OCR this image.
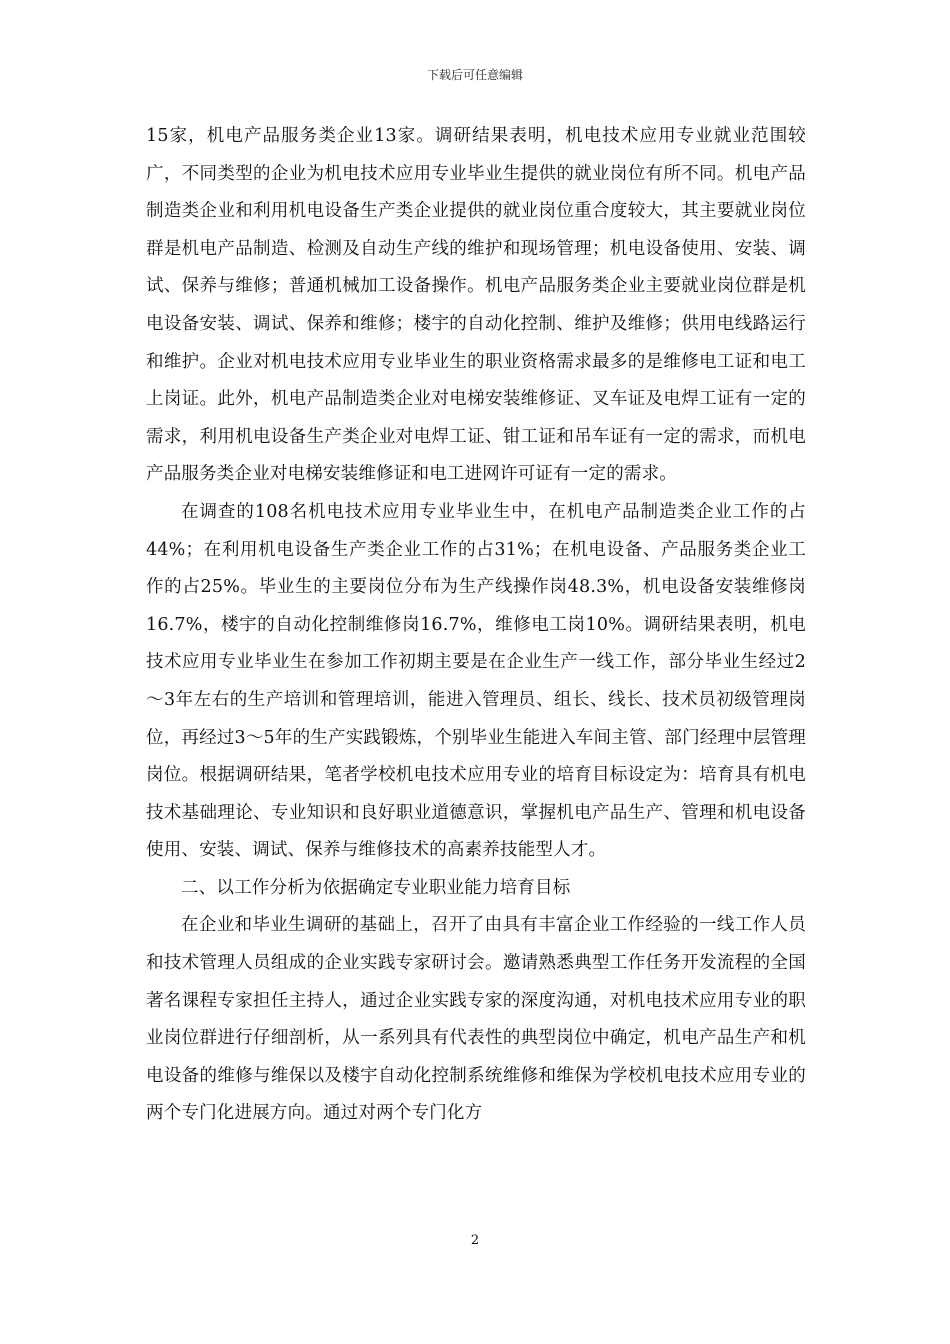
下载后可任意编辑

15家，机电产品服务类企业13家。调研结果表明，机电技术应用专业就业范围较广，不同类型的企业为机电技术应用专业毕业生提供的就业岗位有所不同。机电产品制造类企业和利用机电设备生产类企业提供的就业岗位重合度较大，其主要就业岗位群是机电产品制造、检测及自动生产线的维护和现场管理；机电设备使用、安装、调试、保养与维修；普通机械加工设备操作。机电产品服务类企业主要就业岗位群是机电设备安装、调试、保养和维修；楼宇的自动化控制、维护及维修；供用电线路运行和维护。企业对机电技术应用专业毕业生的职业资格需求最多的是维修电工证和电工上岗证。此外，机电产品制造类企业对电梯安装维修证、叉车证及电焊工证有一定的需求，利用机电设备生产类企业对电焊工证、钳工证和吊车证有一定的需求，而机电产品服务类企业对电梯安装维修证和电工进网许可证有一定的需求。

在调查的108名机电技术应用专业毕业生中，在机电产品制造类企业工作的占44%；在利用机电设备生产类企业工作的占31%；在机电设备、产品服务类企业工作的占25%。毕业生的主要岗位分布为生产线操作岗48.3%，机电设备安装维修岗16.7%，楼宇的自动化控制维修岗16.7%，维修电工岗10%。调研结果表明，机电技术应用专业毕业生在参加工作初期主要是在企业生产一线工作，部分毕业生经过2～3年左右的生产培训和管理培训，能进入管理员、组长、线长、技术员初级管理岗位，再经过3～5年的生产实践锻炼，个别毕业生能进入车间主管、部门经理中层管理岗位。根据调研结果，笔者学校机电技术应用专业的培育目标设定为：培育具有机电技术基础理论、专业知识和良好职业道德意识，掌握机电产品生产、管理和机电设备使用、安装、调试、保养与维修技术的高素养技能型人才。

二、以工作分析为依据确定专业职业能力培育目标

在企业和毕业生调研的基础上，召开了由具有丰富企业工作经验的一线工作人员和技术管理人员组成的企业实践专家研讨会。邀请熟悉典型工作任务开发流程的全国著名课程专家担任主持人，通过企业实践专家的深度沟通，对机电技术应用专业的职业岗位群进行仔细剖析，从一系列具有代表性的典型岗位中确定，机电产品生产和机电设备的维修与维保以及楼宇自动化控制系统维修和维保为学校机电技术应用专业的两个专门化进展方向。通过对两个专门化方

2
